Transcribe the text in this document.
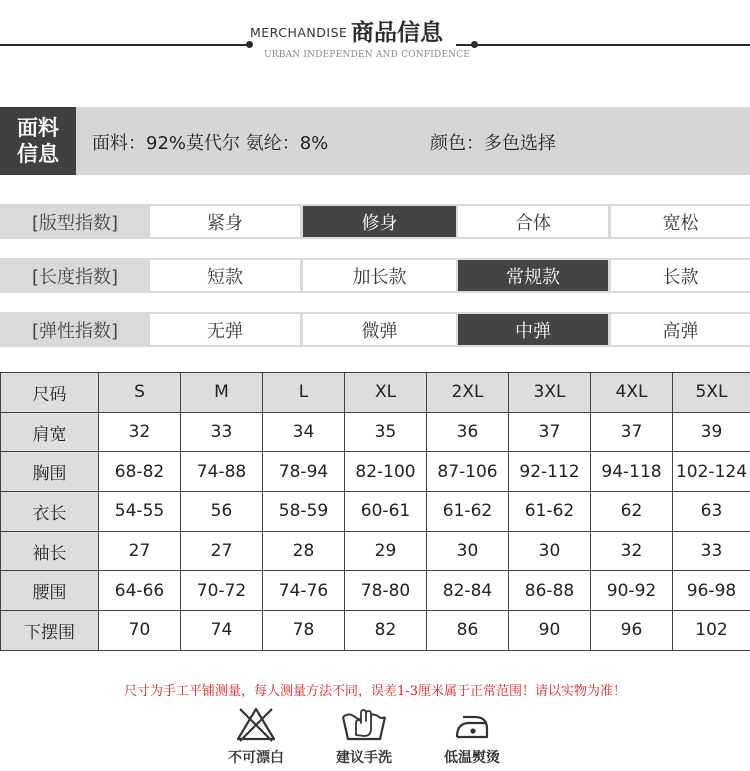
MERCHANDISE 商品信息
URBAN INDEPENDEN AND CONFIDENCE
面料
信息 面料：92%莫代尔 氨纶：8%	颜色：多色选择
[版型指数]	紧身	修身	合体	宽松
[长度指数]	短款	加长款	常规款	长款
[弹性指数]	无弹	微弹	中弹	高弹
尺码	S	M	L	XL	2XL	3XL	4XL	5XL
肩宽	32	33	34	35	36	37	37	39
胸围	68-82	74-88	78-94	82-100	87-106	92-112	94-118	102-124
衣长	54-55	56	58-59	60-61	61-62	61-62	62	63
袖长	27	27	28	29	30	30	32	33
腰围	64-66	70-72	74-76	78-80	82-84	86-88	90-92	96-98
下摆围	70	74	78	82	86	90	96	102
尺寸为手工平铺测量，每人测量方法不同，误差1-3厘米属于正常范围！请以实物为准！
不可漂白	建议手洗	低温熨烫
